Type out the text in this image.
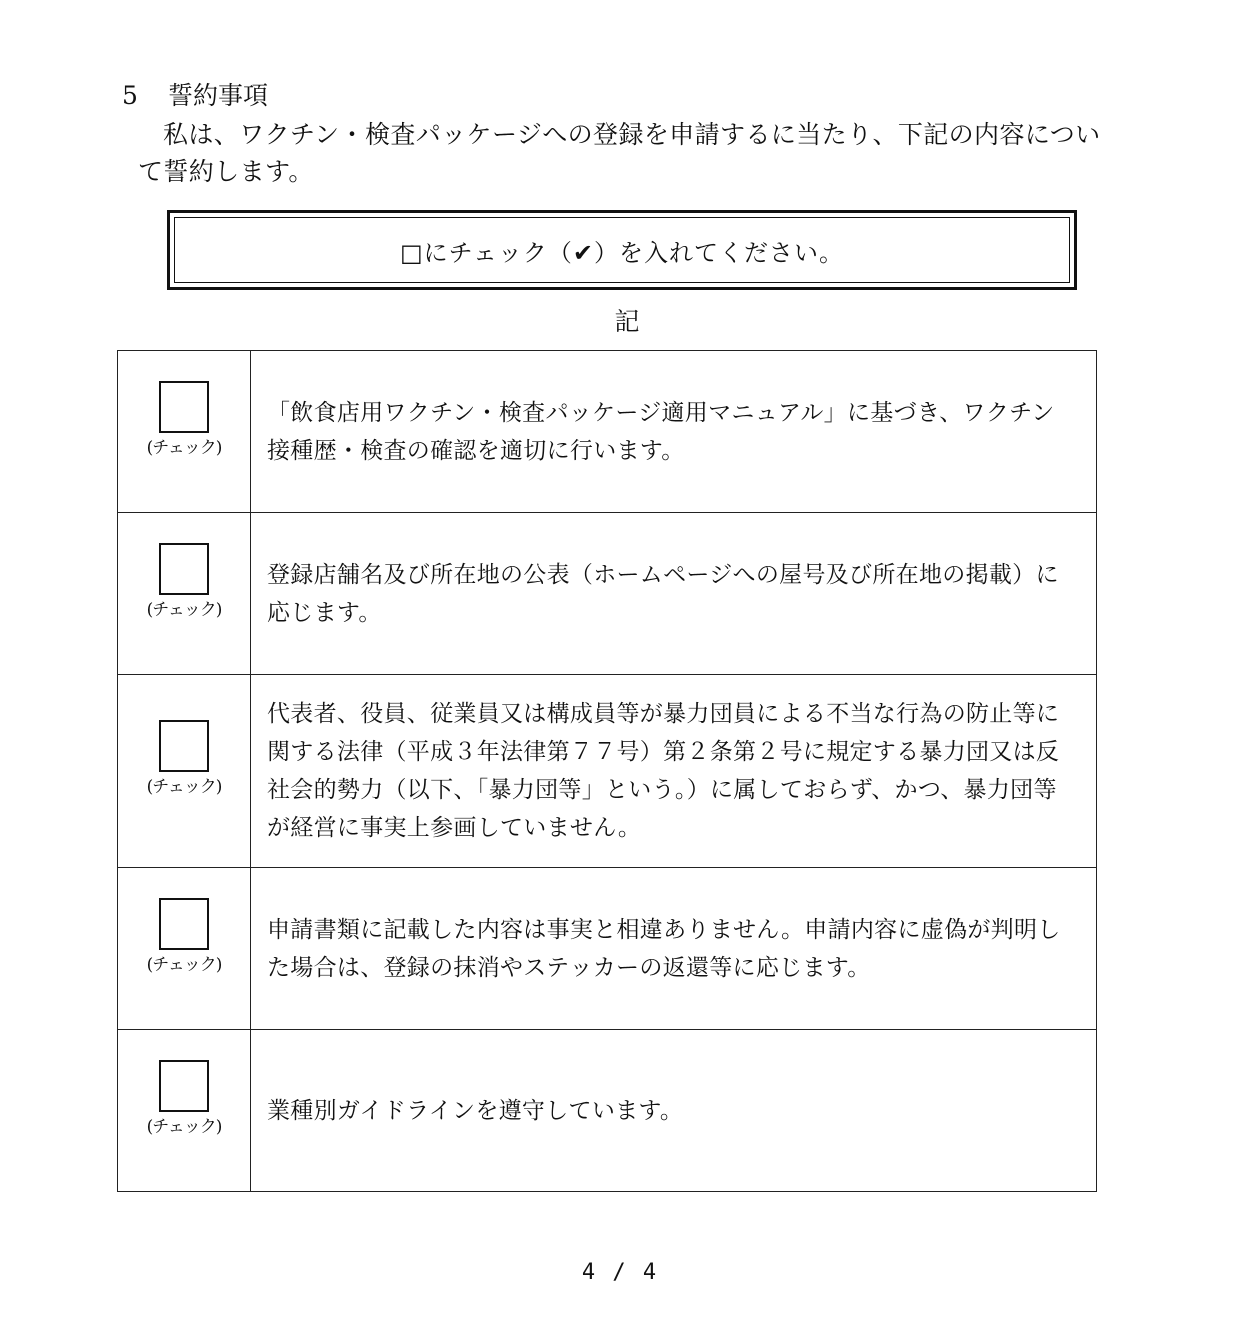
5 誓約事項
私は、ワクチン・検査パッケージへの登録を申請するに当たり、下記の内容について誓約します。
□にチェック（✔）を入れてください。
記
(チェック)	「飲食店用ワクチン・検査パッケージ適用マニュアル」に基づき、ワクチン接種歴・検査の確認を適切に行います。

(チェック)	登録店舗名及び所在地の公表（ホームページへの屋号及び所在地の掲載）に応じます。

(チェック)	代表者、役員、従業員又は構成員等が暴力団員による不当な行為の防止等に関する法律（平成３年法律第７７号）第２条第２号に規定する暴力団又は反社会的勢力（以下、「暴力団等」という。）に属しておらず、かつ、暴力団等が経営に事実上参画していません。

(チェック)	申請書類に記載した内容は事実と相違ありません。申請内容に虚偽が判明した場合は、登録の抹消やステッカーの返還等に応じます。

(チェック)	業種別ガイドラインを遵守しています。
4 / 4
